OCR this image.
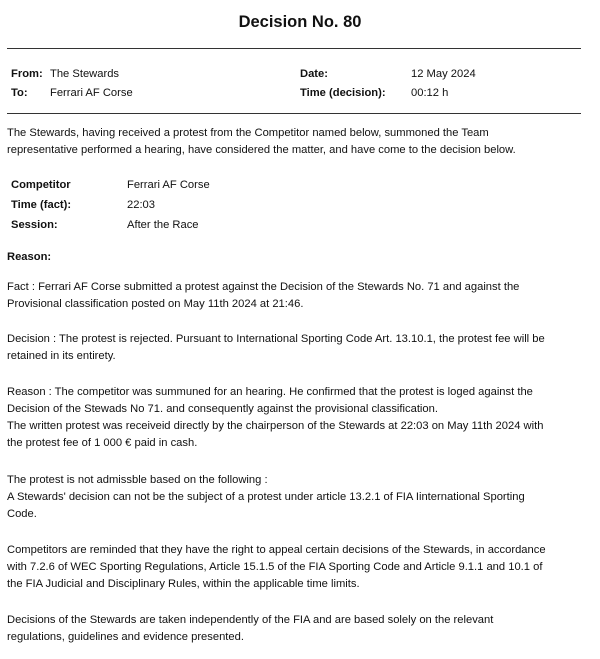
Decision No. 80
From: The Stewards
To: Ferrari AF Corse
Date:	12 May 2024
Time (decision): 00:12 h
The Stewards, having received a protest from the Competitor named below, summoned the Team
representative performed a hearing, have considered the matter, and have come to the decision below.
Competitor	Ferrari AF Corse
Time (fact):	22:03
Session:	After the Race
Reason:
Fact : Ferrari AF Corse submitted a protest against the Decision of the Stewards No. 71 and against the
Provisional classification posted on May 11th 2024 at 21:46.
Decision : The protest is rejected. Pursuant to International Sporting Code Art. 13.10.1, the protest fee will be
retained in its entirety.
Reason : The competitor was summuned for an hearing. He confirmed that the protest is loged against the
Decision of the Stewads No 71. and consequently against the provisional classification.
The written protest was receiveid directly by the chairperson of the Stewards at 22:03 on May 11th 2024 with
the protest fee of 1 000 € paid in cash.
The protest is not admissble based on the following :
A Stewards' decision can not be the subject of a protest under article 13.2.1 of FIA Iinternational Sporting
Code.
Competitors are reminded that they have the right to appeal certain decisions of the Stewards, in accordance
with 7.2.6 of WEC Sporting Regulations, Article 15.1.5 of the FIA Sporting Code and Article 9.1.1 and 10.1 of
the FIA Judicial and Disciplinary Rules, within the applicable time limits.
Decisions of the Stewards are taken independently of the FIA and are based solely on the relevant
regulations, guidelines and evidence presented.
